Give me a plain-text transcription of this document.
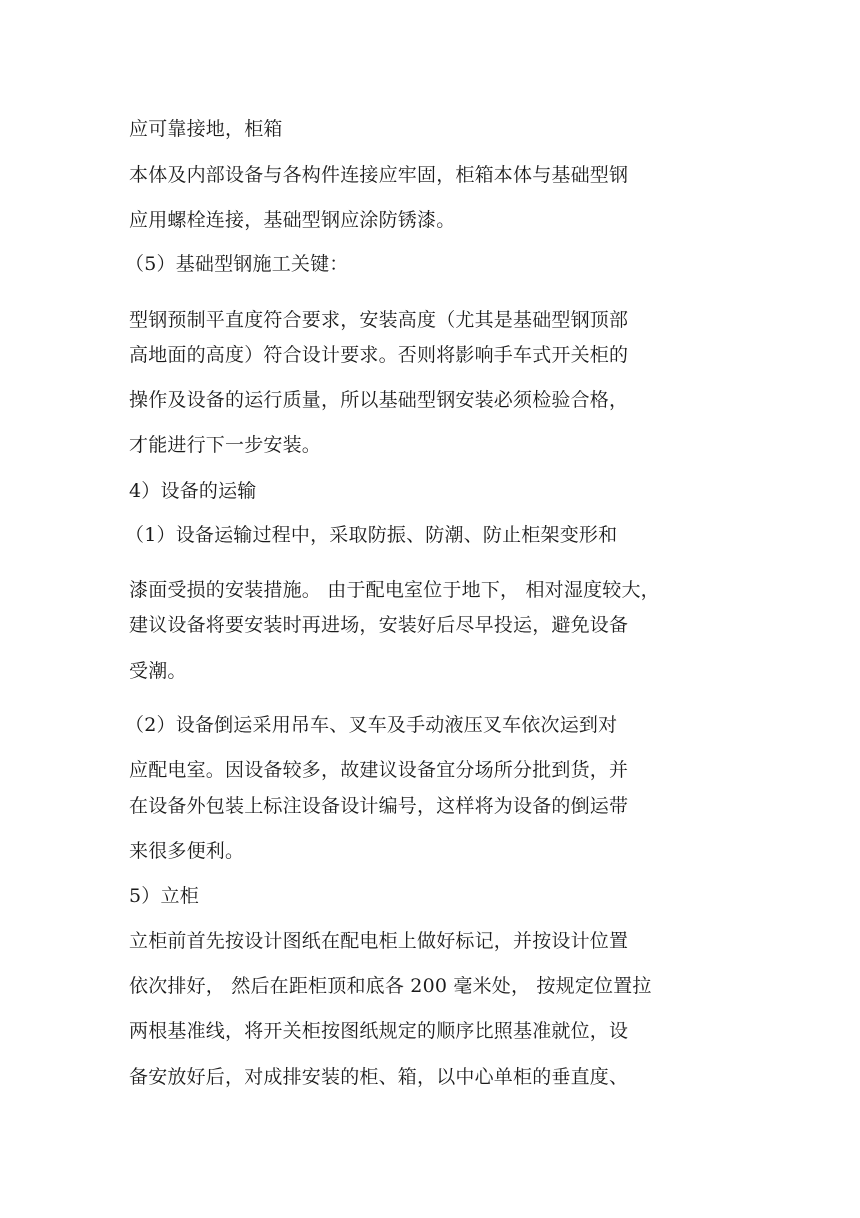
应可靠接地，柜箱
本体及内部设备与各构件连接应牢固，柜箱本体与基础型钢
应用螺栓连接，基础型钢应涂防锈漆。
（5）基础型钢施工关键：
型钢预制平直度符合要求，安装高度（尤其是基础型钢顶部
高地面的高度）符合设计要求。否则将影响手车式开关柜的
操作及设备的运行质量，所以基础型钢安装必须检验合格，
才能进行下一步安装。
4）设备的运输
（1）设备运输过程中，采取防振、防潮、防止柜架变形和
漆面受损的安装措施。 由于配电室位于地下， 相对湿度较大，
建议设备将要安装时再进场，安装好后尽早投运，避免设备
受潮。
（2）设备倒运采用吊车、叉车及手动液压叉车依次运到对
应配电室。因设备较多，故建议设备宜分场所分批到货，并
在设备外包装上标注设备设计编号，这样将为设备的倒运带
来很多便利。
5）立柜
立柜前首先按设计图纸在配电柜上做好标记，并按设计位置
依次排好， 然后在距柜顶和底各 200 毫米处， 按规定位置拉
两根基准线，将开关柜按图纸规定的顺序比照基准就位，设
备安放好后，对成排安装的柜、箱，以中心单柜的垂直度、
